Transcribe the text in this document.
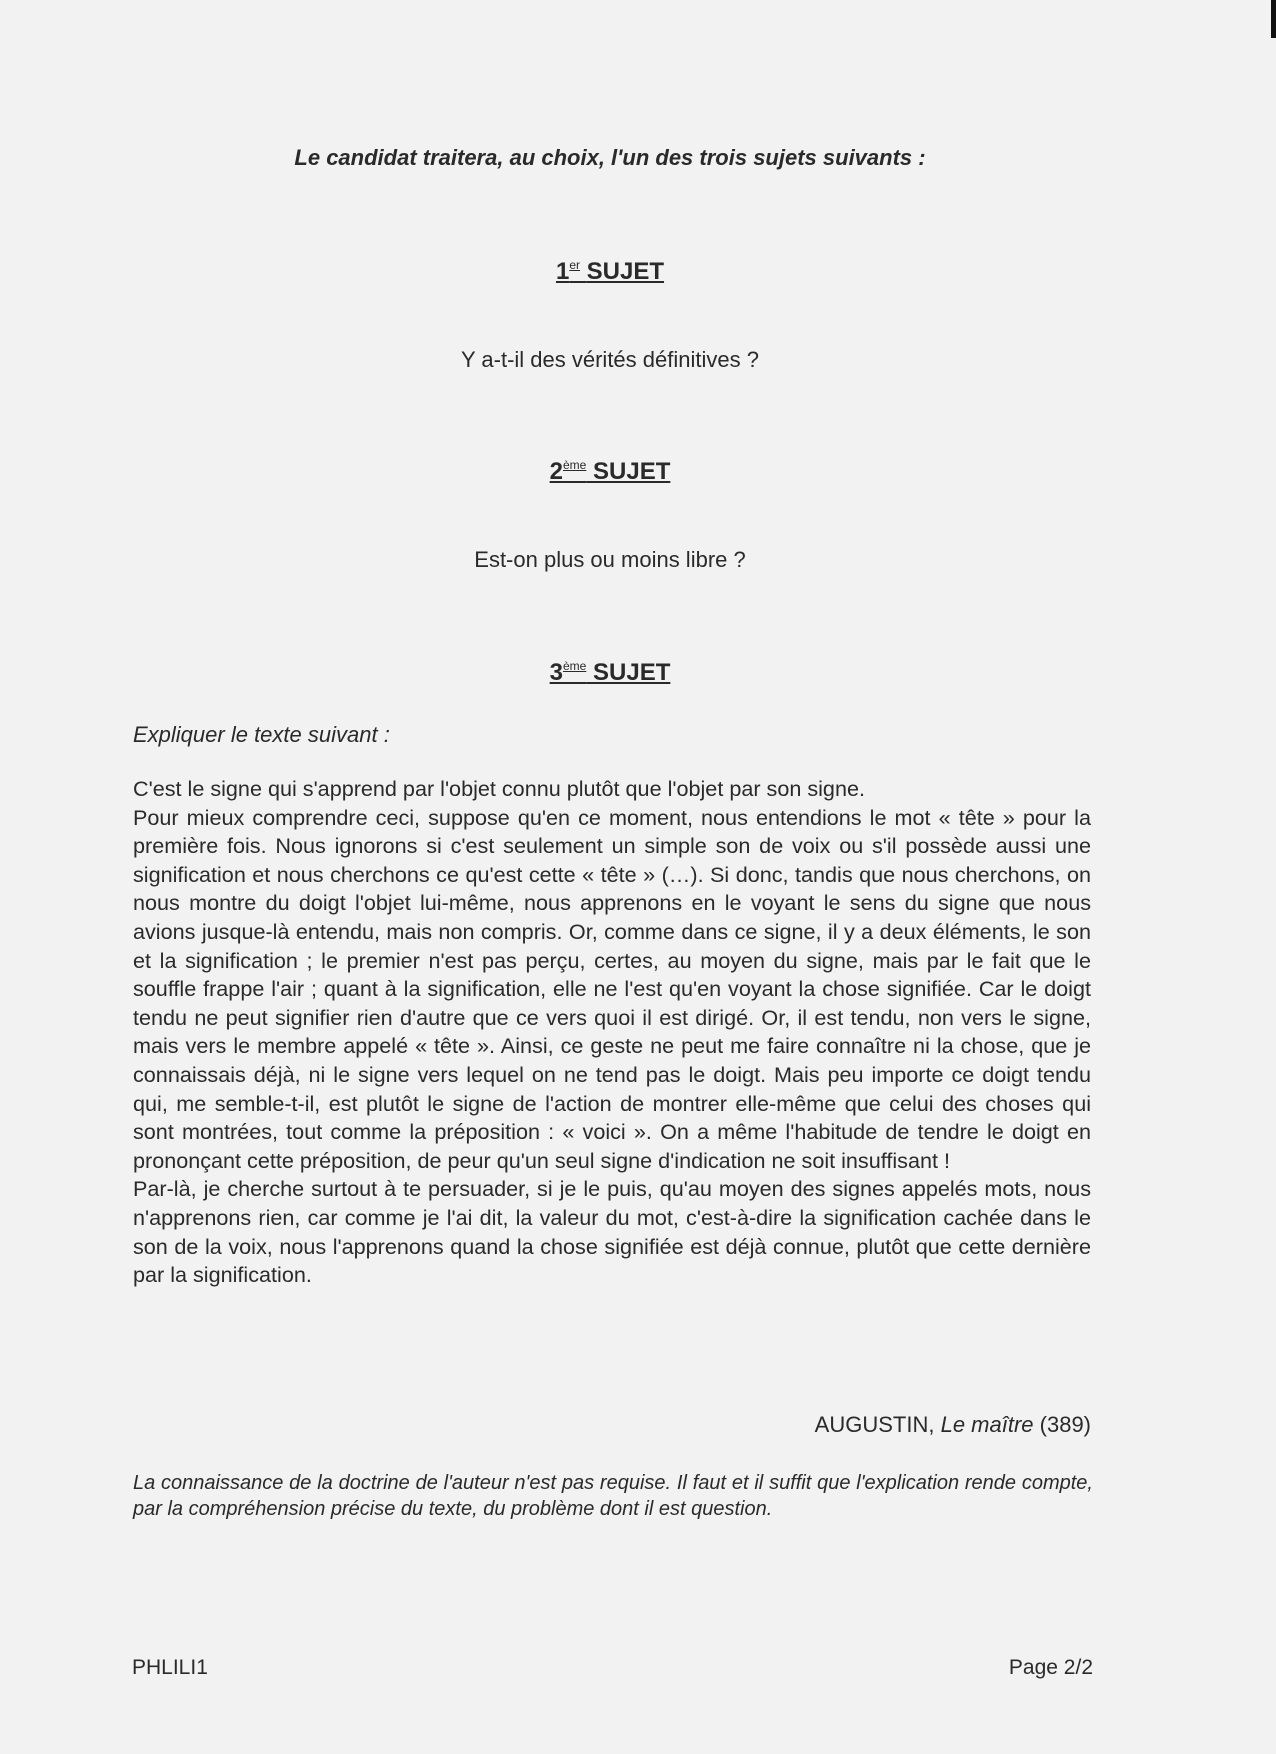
Le candidat traitera, au choix, l'un des trois sujets suivants :
1er SUJET
Y a-t-il des vérités définitives ?
2ème SUJET
Est-on plus ou moins libre ?
3ème SUJET
Expliquer le texte suivant :

C'est le signe qui s'apprend par l'objet connu plutôt que l'objet par son signe.

Pour mieux comprendre ceci, suppose qu'en ce moment, nous entendions le mot « tête » pour la première fois. Nous ignorons si c'est seulement un simple son de voix ou s'il possède aussi une signification et nous cherchons ce qu'est cette « tête » (…). Si donc, tandis que nous cherchons, on nous montre du doigt l'objet lui-même, nous apprenons en le voyant le sens du signe que nous avions jusque-là entendu, mais non compris. Or, comme dans ce signe, il y a deux éléments, le son et la signification ; le premier n'est pas perçu, certes, au moyen du signe, mais par le fait que le souffle frappe l'air ; quant à la signification, elle ne l'est qu'en voyant la chose signifiée. Car le doigt tendu ne peut signifier rien d'autre que ce vers quoi il est dirigé. Or, il est tendu, non vers le signe, mais vers le membre appelé « tête ». Ainsi, ce geste ne peut me faire connaître ni la chose, que je connaissais déjà, ni le signe vers lequel on ne tend pas le doigt. Mais peu importe ce doigt tendu qui, me semble-t-il, est plutôt le signe de l'action de montrer elle-même que celui des choses qui sont montrées, tout comme la préposition : « voici ». On a même l'habitude de tendre le doigt en prononçant cette préposition, de peur qu'un seul signe d'indication ne soit insuffisant !

Par-là, je cherche surtout à te persuader, si je le puis, qu'au moyen des signes appelés mots, nous n'apprenons rien, car comme je l'ai dit, la valeur du mot, c'est-à-dire la signification cachée dans le son de la voix, nous l'apprenons quand la chose signifiée est déjà connue, plutôt que cette dernière par la signification.

AUGUSTIN, Le maître (389)
La connaissance de la doctrine de l'auteur n'est pas requise. Il faut et il suffit que l'explication rende compte, par la compréhension précise du texte, du problème dont il est question.
PHLILI1	Page 2/2
